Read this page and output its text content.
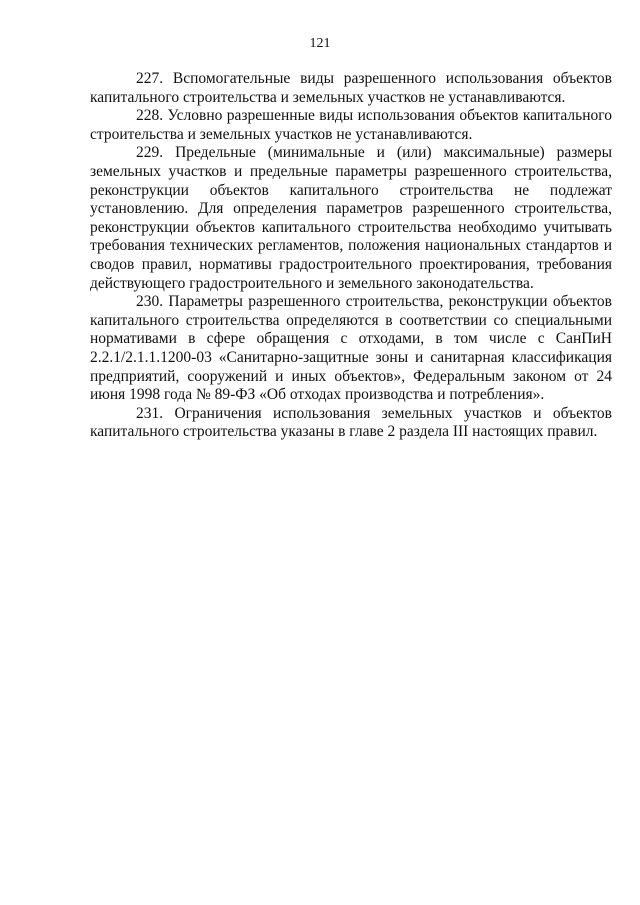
121

227. Вспомогательные виды разрешенного использования объектов капитального строительства и земельных участков не устанавливаются.

228. Условно разрешенные виды использования объектов капитального строительства и земельных участков не устанавливаются.

229. Предельные (минимальные и (или) максимальные) размеры земельных участков и предельные параметры разрешенного строительства, реконструкции объектов капитального строительства не подлежат установлению. Для определения параметров разрешенного строительства, реконструкции объектов капитального строительства необходимо учитывать требования технических регламентов, положения национальных стандартов и сводов правил, нормативы градостроительного проектирования, требования действующего градостроительного и земельного законодательства.

230. Параметры разрешенного строительства, реконструкции объектов капитального строительства определяются в соответствии со специальными нормативами в сфере обращения с отходами, в том числе с СанПиН 2.2.1/2.1.1.1200-03 «Санитарно-защитные зоны и санитарная классификация предприятий, сооружений и иных объектов», Федеральным законом от 24 июня 1998 года № 89-ФЗ «Об отходах производства и потребления».

231. Ограничения использования земельных участков и объектов капитального строительства указаны в главе 2 раздела III настоящих правил.
